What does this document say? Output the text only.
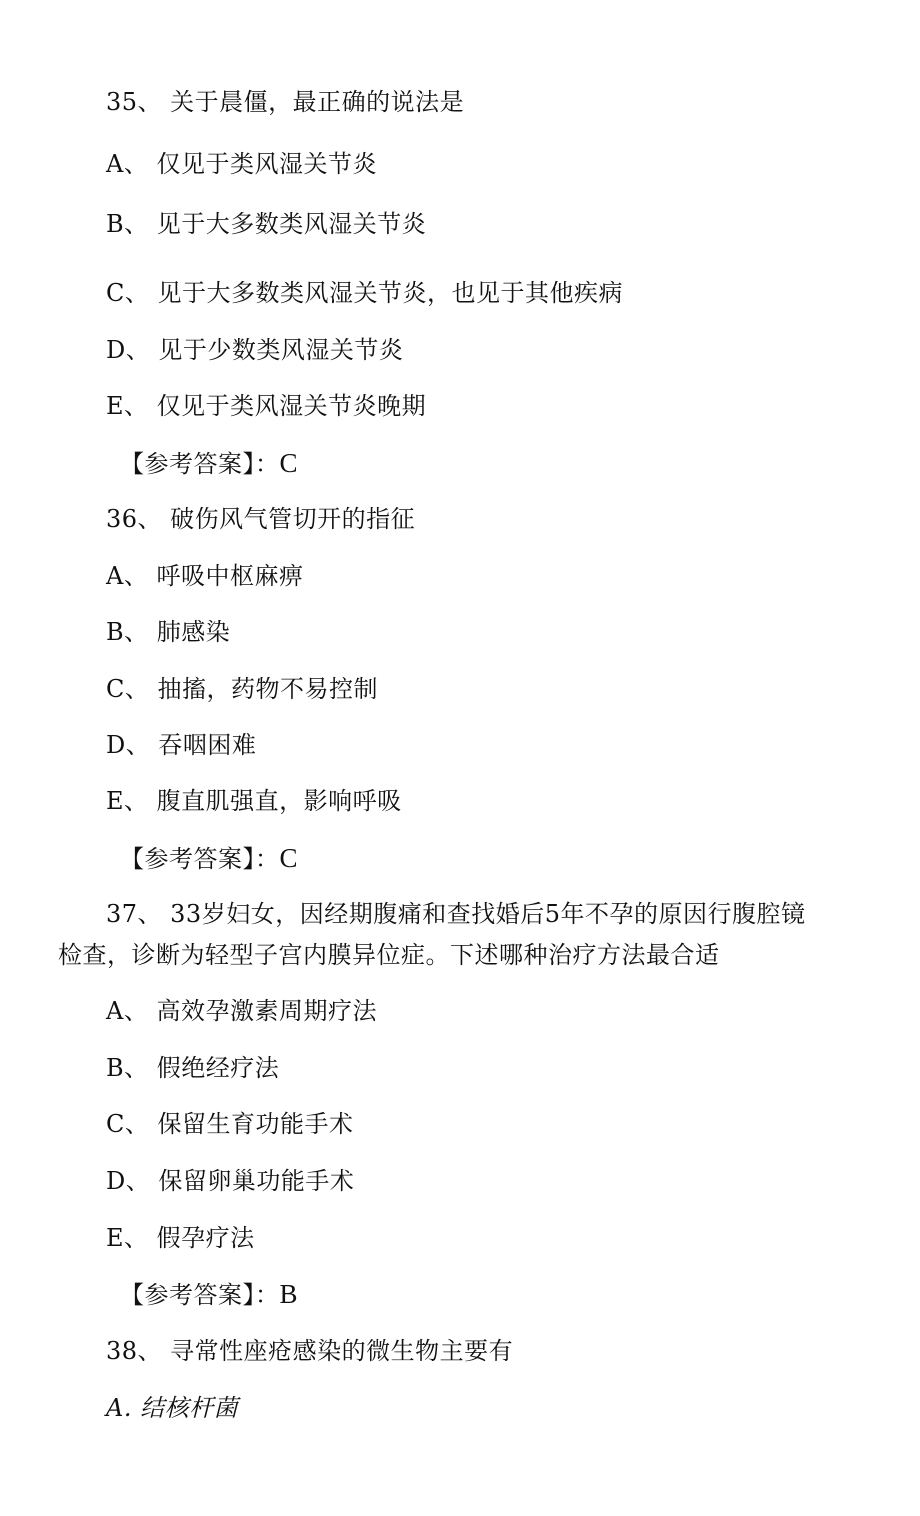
35、 关于晨僵，最正确的说法是
A、 仅见于类风湿关节炎
B、 见于大多数类风湿关节炎
C、 见于大多数类风湿关节炎，也见于其他疾病
D、 见于少数类风湿关节炎
E、 仅见于类风湿关节炎晚期
【参考答案】：C
36、 破伤风气管切开的指征
A、 呼吸中枢麻痹
B、 肺感染
C、 抽搐，药物不易控制
D、 吞咽困难
E、 腹直肌强直，影响呼吸
【参考答案】：C
37、 33岁妇女，因经期腹痛和查找婚后5年不孕的原因行腹腔镜
检查，诊断为轻型子宫内膜异位症。下述哪种治疗方法最合适
A、 高效孕激素周期疗法
B、 假绝经疗法
C、 保留生育功能手术
D、 保留卵巢功能手术
E、 假孕疗法
【参考答案】：B
38、 寻常性座疮感染的微生物主要有
A. 结核杆菌
